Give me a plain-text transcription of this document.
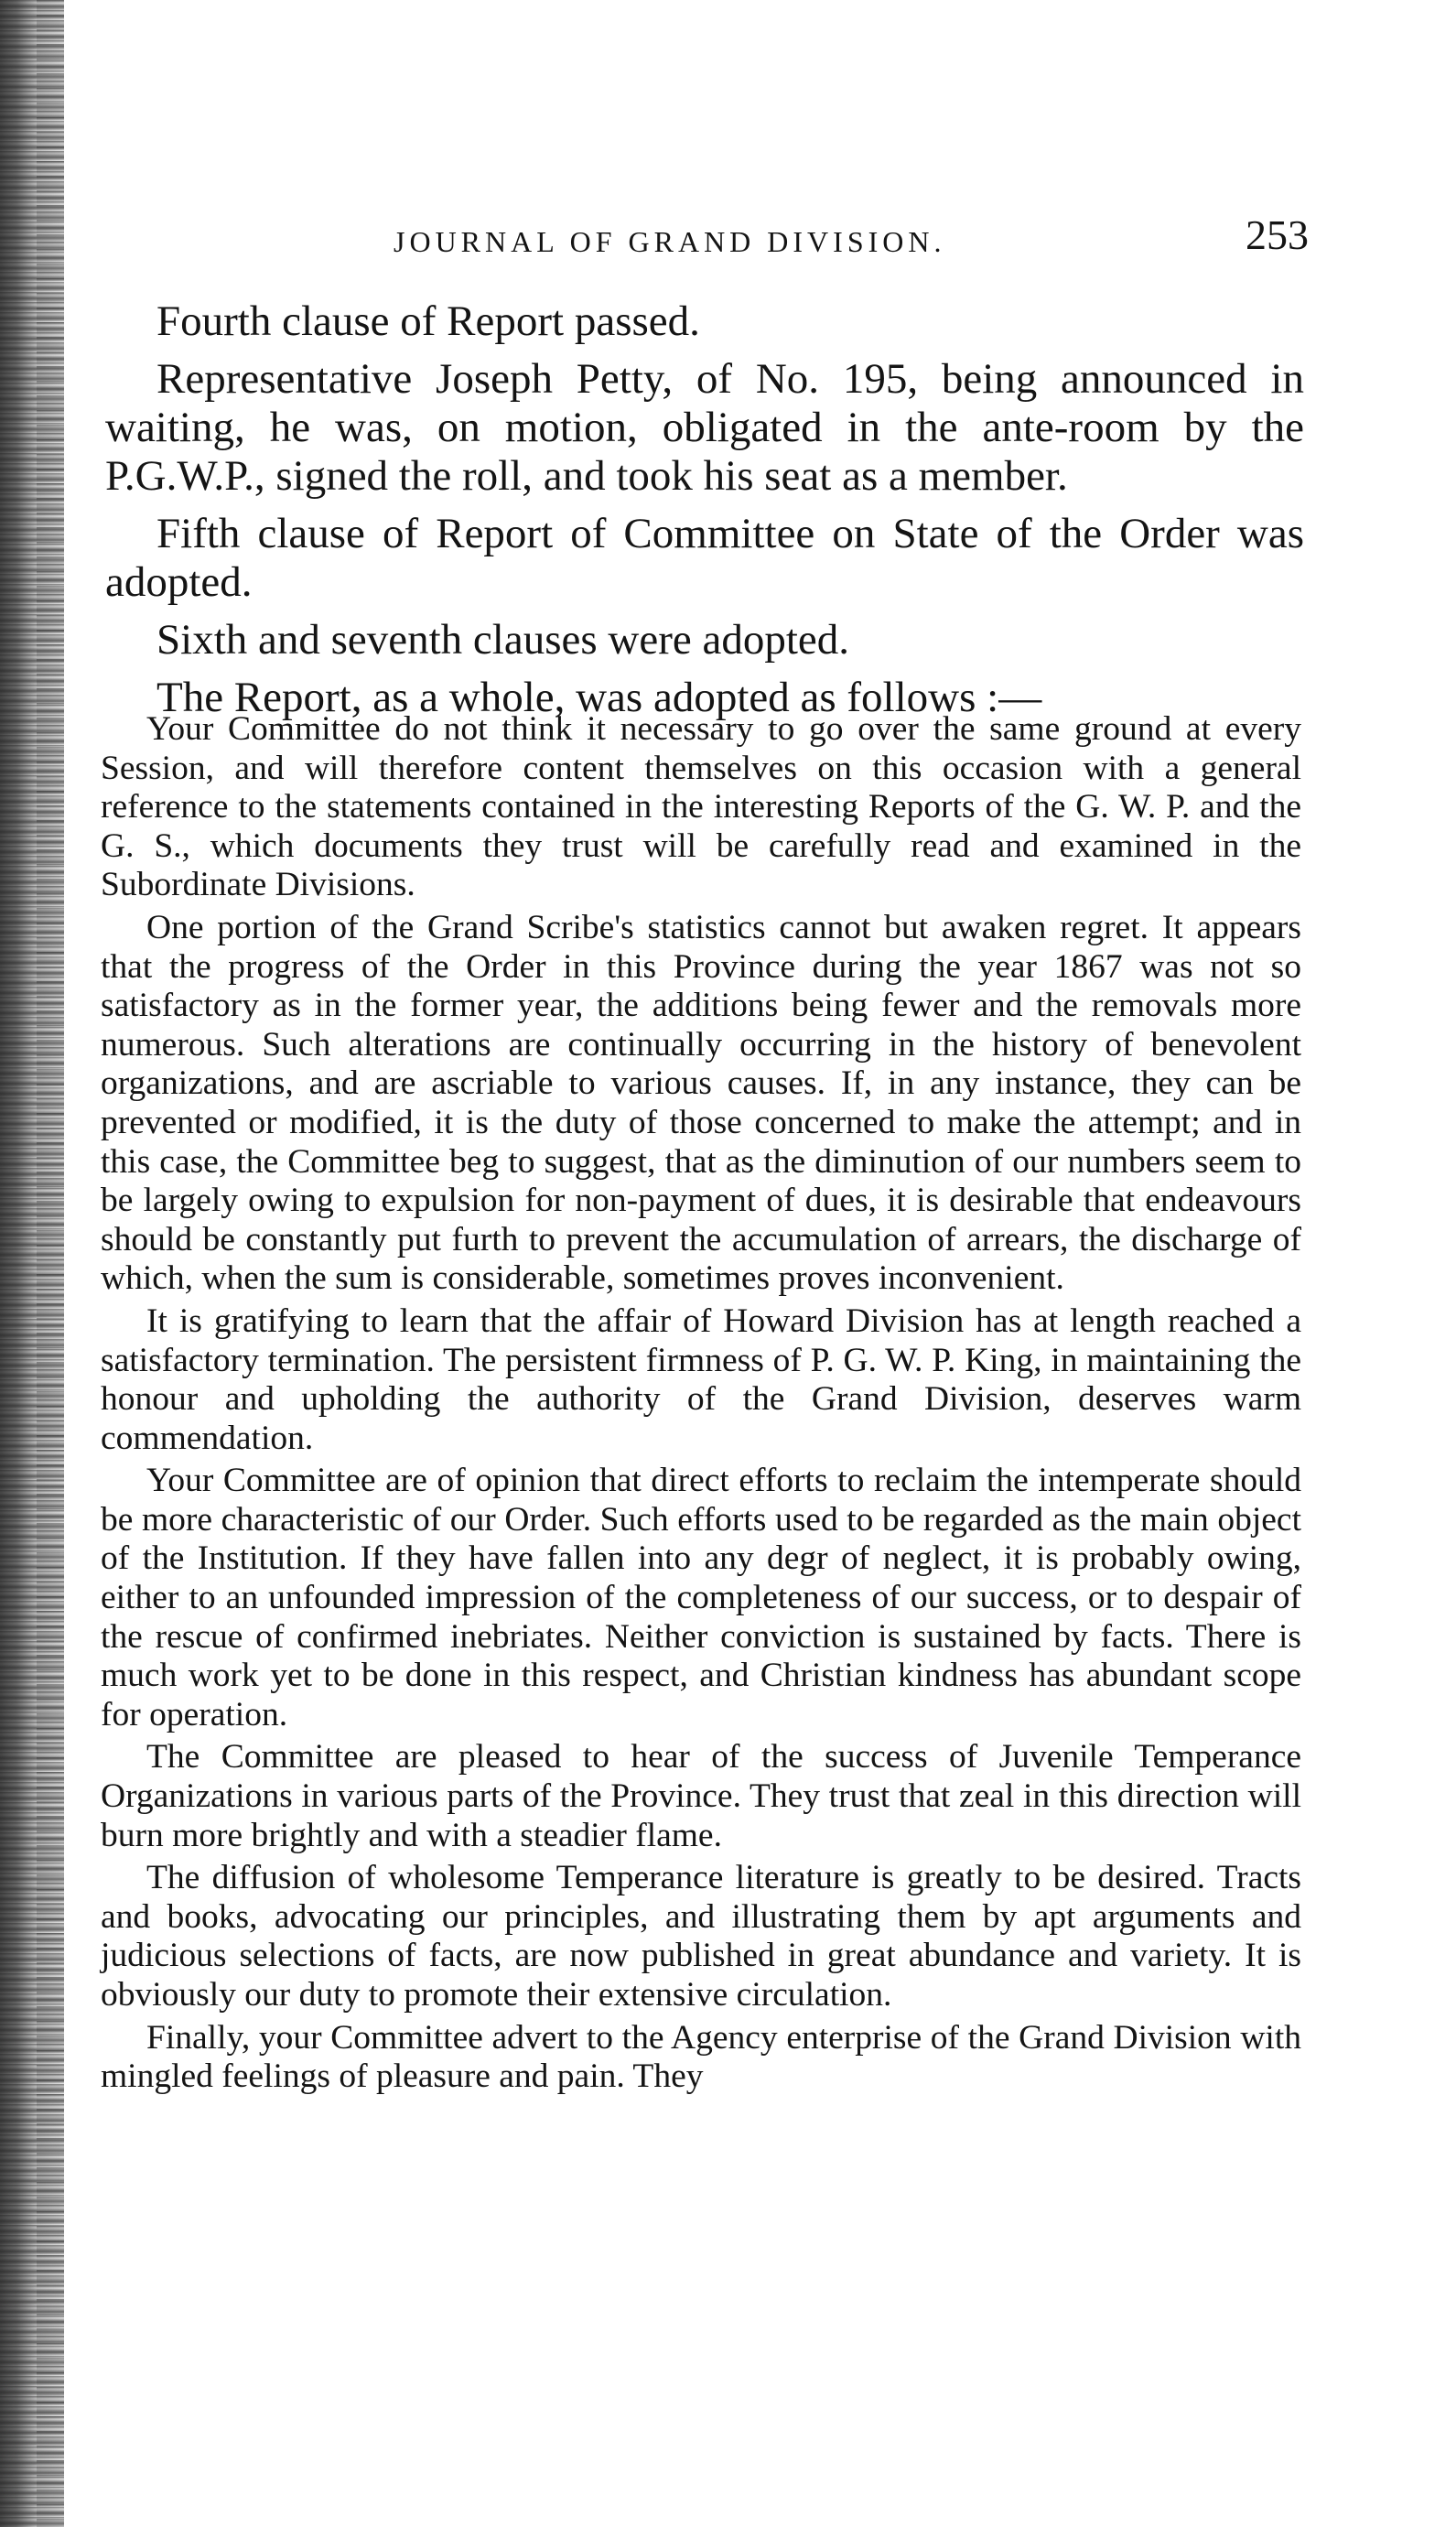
JOURNAL OF GRAND DIVISION.	253

Fourth clause of Report passed.

Representative Joseph Petty, of No. 195, being announced in waiting, he was, on motion, obligated in the ante-room by the P.G.W.P., signed the roll, and took his seat as a member.

Fifth clause of Report of Committee on State of the Order was adopted.

Sixth and seventh clauses were adopted.

The Report, as a whole, was adopted as follows :—

Your Committee do not think it necessary to go over the same ground at every Session, and will therefore content themselves on this occasion with a general reference to the statements contained in the interesting Reports of the G. W. P. and the G. S., which documents they trust will be carefully read and examined in the Subordinate Divisions.

One portion of the Grand Scribe's statistics cannot but awaken regret. It appears that the progress of the Order in this Province during the year 1867 was not so satisfactory as in the former year, the additions being fewer and the removals more numerous. Such alterations are continually occurring in the history of benevolent organizations, and are ascriable to various causes. If, in any instance, they can be prevented or modified, it is the duty of those concerned to make the attempt; and in this case, the Committee beg to suggest, that as the diminution of our numbers seem to be largely owing to expulsion for non-payment of dues, it is desirable that endeavours should be constantly put furth to prevent the accumulation of arrears, the discharge of which, when the sum is considerable, sometimes proves inconvenient.

It is gratifying to learn that the affair of Howard Division has at length reached a satisfactory termination. The persistent firmness of P. G. W. P. King, in maintaining the honour and upholding the authority of the Grand Division, deserves warm commendation.

Your Committee are of opinion that direct efforts to reclaim the intemperate should be more characteristic of our Order. Such efforts used to be regarded as the main object of the Institution. If they have fallen into any degr of neglect, it is probably owing, either to an unfounded impression of the completeness of our success, or to despair of the rescue of confirmed inebriates. Neither conviction is sustained by facts. There is much work yet to be done in this respect, and Christian kindness has abundant scope for operation.

The Committee are pleased to hear of the success of Juvenile Temperance Organizations in various parts of the Province. They trust that zeal in this direction will burn more brightly and with a steadier flame.

The diffusion of wholesome Temperance literature is greatly to be desired. Tracts and books, advocating our principles, and illustrating them by apt arguments and judicious selections of facts, are now published in great abundance and variety. It is obviously our duty to promote their extensive circulation.

Finally, your Committee advert to the Agency enterprise of the Grand Division with mingled feelings of pleasure and pain. They
